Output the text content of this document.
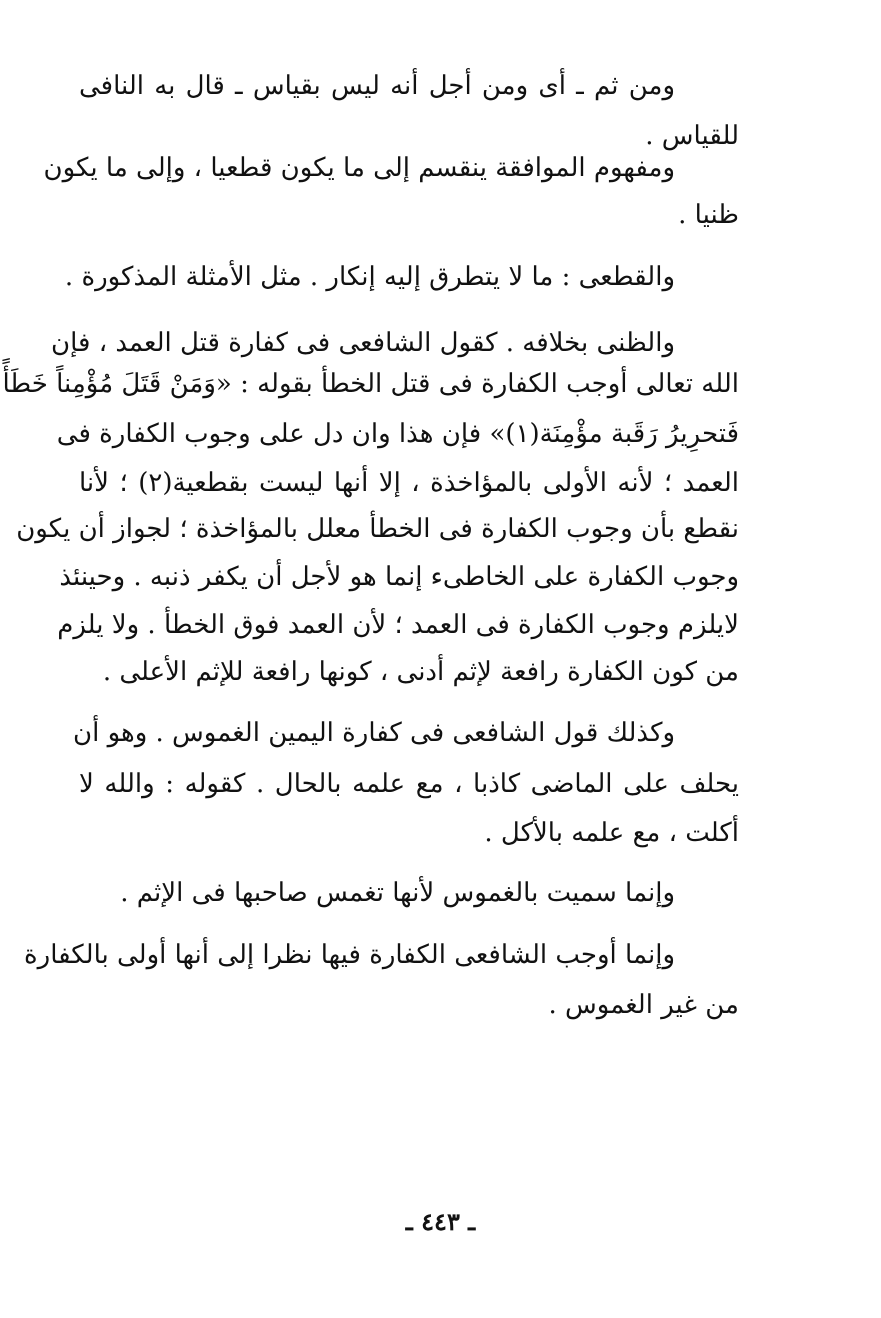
ومن ثم ـ أى ومن أجل أنه ليس بقياس ـ قال به النافى
للقياس .
ومفهوم الموافقة ينقسم إلى ما يكون قطعيا ، وإلى ما يكون
ظنيا .
والقطعى : ما لا يتطرق إليه إنكار . مثل الأمثلة المذكورة .
والظنى بخلافه . كقول الشافعى فى كفارة قتل العمد ، فإن
الله تعالى أوجب الكفارة فى قتل الخطأ بقوله : «وَمَنْ قَتَلَ مُؤْمِناً خَطَأً
فَتحرِيرُ رَقَبة مؤْمِنَة(١)» فإن هذا وان دل على وجوب الكفارة فى
العمد ؛ لأنه الأولى بالمؤاخذة ، إلا أنها ليست بقطعية(٢) ؛ لأنا
نقطع بأن وجوب الكفارة فى الخطأ معلل بالمؤاخذة ؛ لجواز أن يكون
وجوب الكفارة على الخاطىء إنما هو لأجل أن يكفر ذنبه . وحينئذ
لايلزم وجوب الكفارة فى العمد ؛ لأن العمد فوق الخطأ . ولا يلزم
من كون الكفارة رافعة لإثم أدنى ، كونها رافعة للإثم الأعلى .
وكذلك قول الشافعى فى كفارة اليمين الغموس . وهو أن
يحلف على الماضى كاذبا ، مع علمه بالحال . كقوله : والله لا
أكلت ، مع علمه بالأكل .
وإنما سميت بالغموس لأنها تغمس صاحبها فى الإثم .
وإنما أوجب الشافعى الكفارة فيها نظرا إلى أنها أولى بالكفارة
من غير الغموس .
ـ ٤٤٣ ـ
